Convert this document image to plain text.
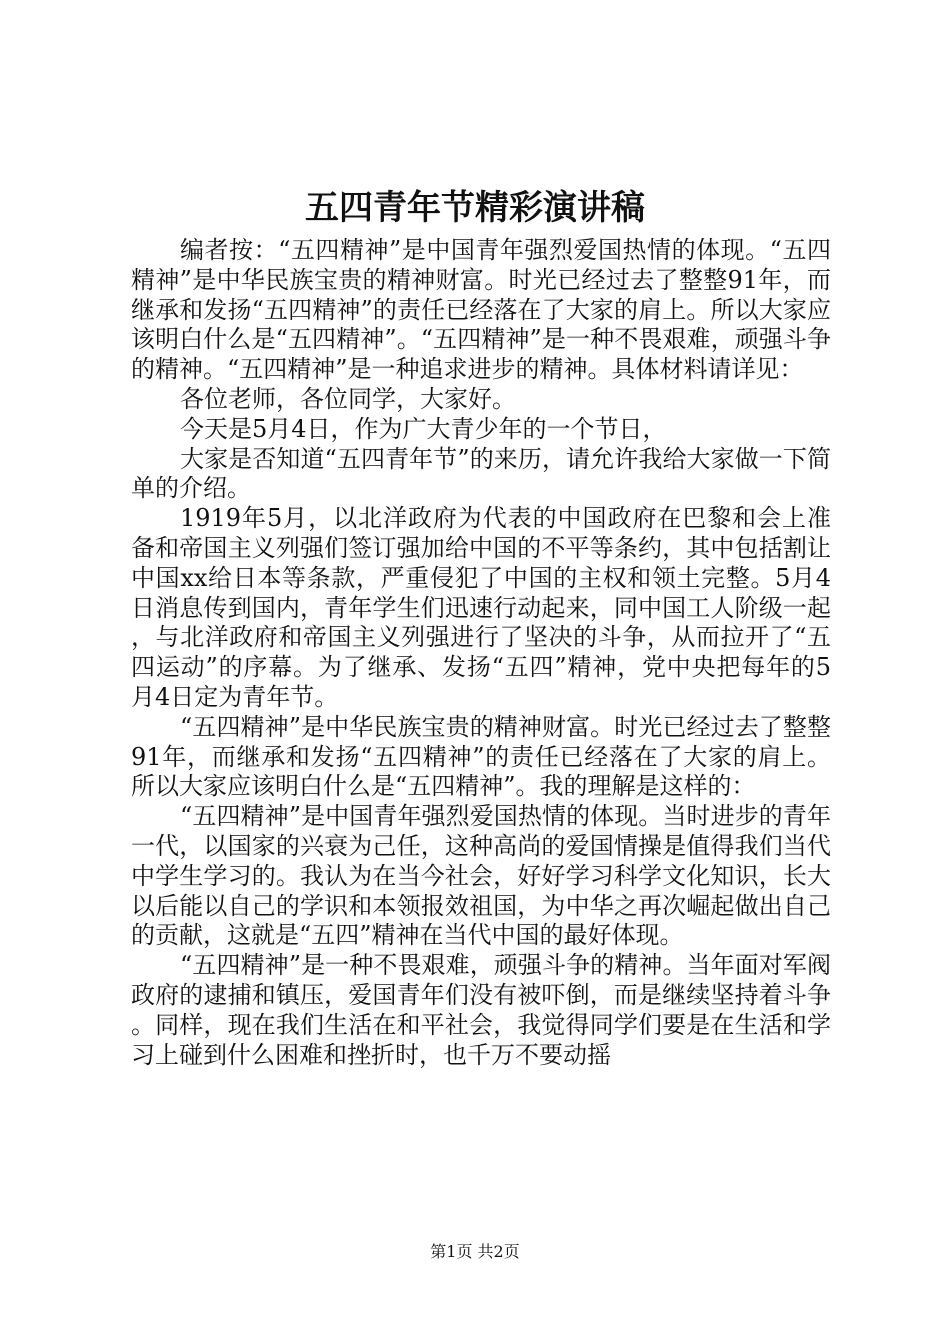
五四青年节精彩演讲稿

编者按：“五四精神”是中国青年强烈爱国热情的体现。“五四精神”是中华民族宝贵的精神财富。时光已经过去了整整91年，而继承和发扬“五四精神”的责任已经落在了大家的肩上。所以大家应该明白什么是“五四精神”。“五四精神”是一种不畏艰难，顽强斗争的精神。“五四精神”是一种追求进步的精神。具体材料请详见：

各位老师，各位同学，大家好。

今天是5月4日，作为广大青少年的一个节日，

大家是否知道“五四青年节”的来历，请允许我给大家做一下简单的介绍。

1919年5月，以北洋政府为代表的中国政府在巴黎和会上准备和帝国主义列强们签订强加给中国的不平等条约，其中包括割让中国xx给日本等条款，严重侵犯了中国的主权和领土完整。5月4日消息传到国内，青年学生们迅速行动起来，同中国工人阶级一起，与北洋政府和帝国主义列强进行了坚决的斗争，从而拉开了“五四运动”的序幕。为了继承、发扬“五四”精神，党中央把每年的5月4日定为青年节。

“五四精神”是中华民族宝贵的精神财富。时光已经过去了整整91年，而继承和发扬“五四精神”的责任已经落在了大家的肩上。所以大家应该明白什么是“五四精神”。我的理解是这样的：

“五四精神”是中国青年强烈爱国热情的体现。当时进步的青年一代，以国家的兴衰为己任，这种高尚的爱国情操是值得我们当代中学生学习的。我认为在当今社会，好好学习科学文化知识，长大以后能以自己的学识和本领报效祖国，为中华之再次崛起做出自己的贡献，这就是“五四”精神在当代中国的最好体现。

“五四精神”是一种不畏艰难，顽强斗争的精神。当年面对军阀政府的逮捕和镇压，爱国青年们没有被吓倒，而是继续坚持着斗争。同样，现在我们生活在和平社会，我觉得同学们要是在生活和学习上碰到什么困难和挫折时，也千万不要动摇

第1页 共2页
